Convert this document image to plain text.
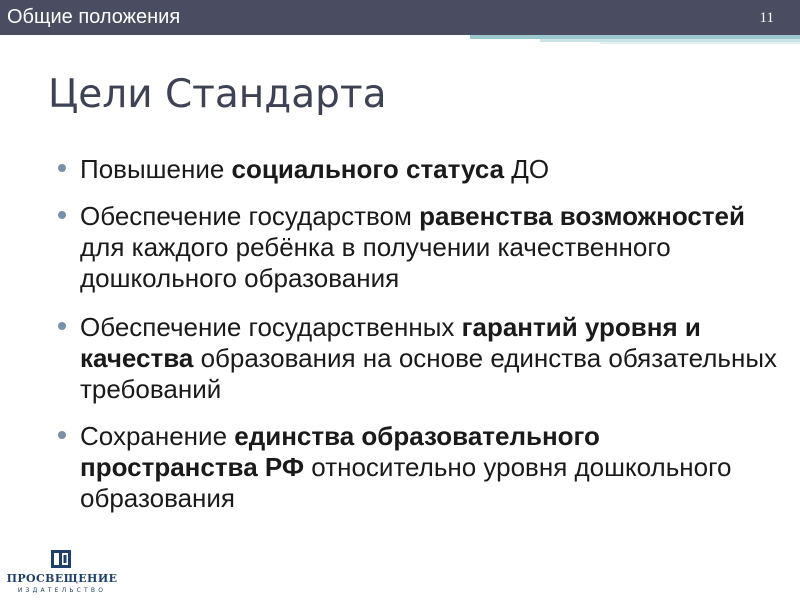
Общие положения	11
Цели Стандарта
Повышение социального статуса ДО
Обеспечение государством равенства возможностей для каждого ребёнка в получении качественного дошкольного образования
Обеспечение государственных гарантий уровня и качества образования на основе единства обязательных требований
Сохранение единства образовательного пространства РФ относительно уровня дошкольного образования
ПРОСВЕЩЕНИЕ
ИЗДАТЕЛЬСТВО
